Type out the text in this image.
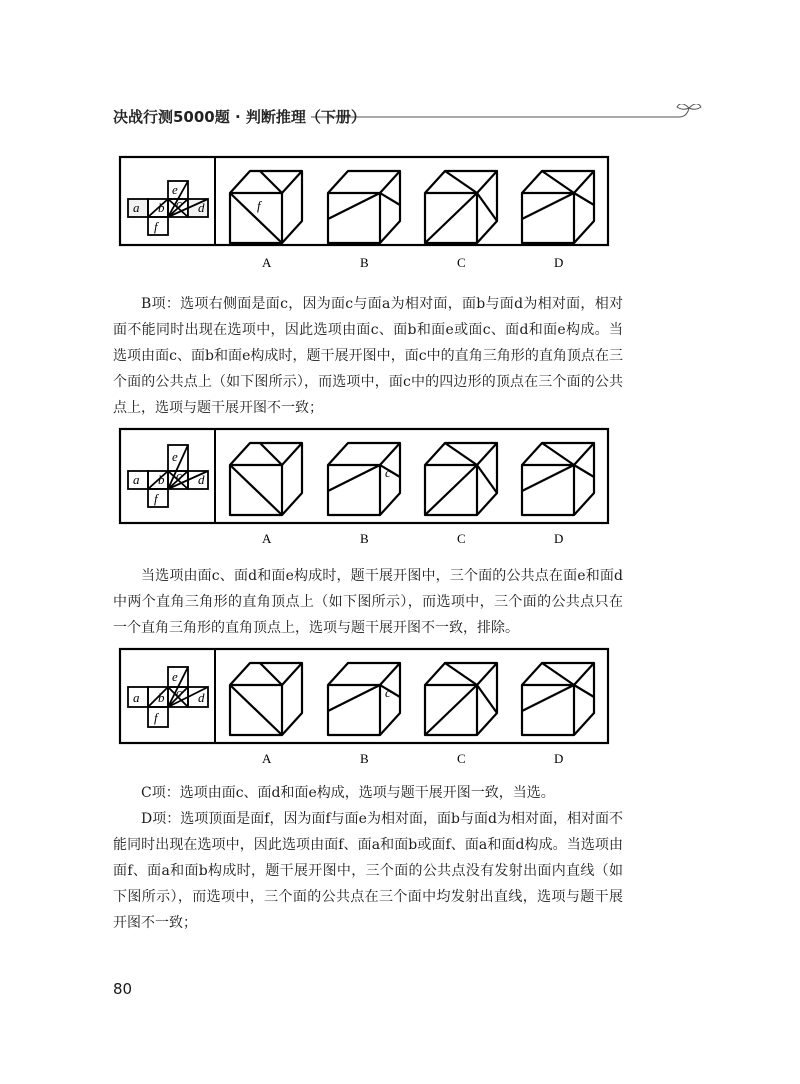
决战行测5000题 · 判断推理（下册）
e
a b c d
f
f
A	B	C	D

B项：选项右侧面是面c，因为面c与面a为相对面，面b与面d为相对面，相对面不能同时出现在选项中，因此选项由面c、面b和面e或面c、面d和面e构成。当选项由面c、面b和面e构成时，题干展开图中，面c中的直角三角形的直角顶点在三个面的公共点上（如下图所示），而选项中，面c中的四边形的顶点在三个面的公共点上，选项与题干展开图不一致；

e
a b c d
f
c
A	B	C	D

当选项由面c、面d和面e构成时，题干展开图中，三个面的公共点在面e和面d中两个直角三角形的直角顶点上（如下图所示），而选项中，三个面的公共点只在一个直角三角形的直角顶点上，选项与题干展开图不一致，排除。

e
a b c d
f
c
A	B	C	D

C项：选项由面c、面d和面e构成，选项与题干展开图一致，当选。

D项：选项顶面是面f，因为面f与面e为相对面，面b与面d为相对面，相对面不能同时出现在选项中，因此选项由面f、面a和面b或面f、面a和面d构成。当选项由面f、面a和面b构成时，题干展开图中，三个面的公共点没有发射出面内直线（如下图所示），而选项中，三个面的公共点在三个面中均发射出直线，选项与题干展开图不一致；

80
